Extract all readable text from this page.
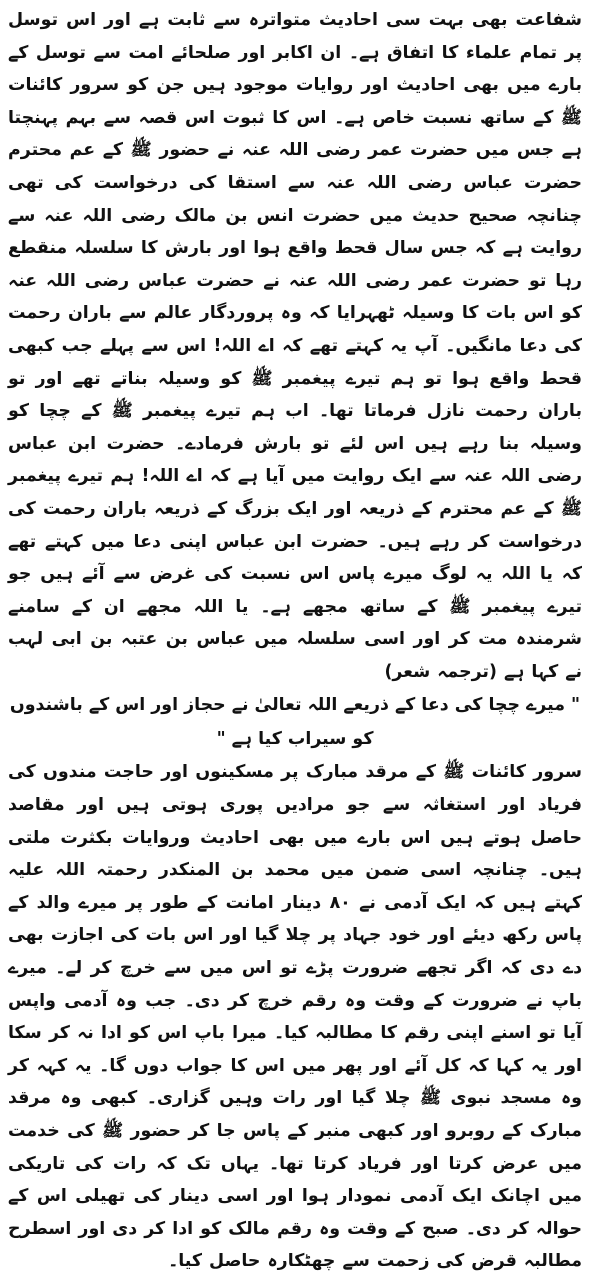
شفاعت بھی بہت سی احادیث متواترہ سے ثابت ہے اور اس توسل پر تمام علماء کا اتفاق ہے۔ ان اکابر اور صلحائے امت سے توسل کے بارے میں بھی احادیث اور روایات موجود ہیں جن کو سرور کائنات ﷺ کے ساتھ نسبت خاص ہے۔ اس کا ثبوت اس قصہ سے بہم پہنچتا ہے جس میں حضرت عمر رضی اللہ عنہ نے حضور ﷺ کے عم محترم حضرت عباس رضی اللہ عنہ سے استقا کی درخواست کی تھی چنانچہ صحیح حدیث میں حضرت انس بن مالک رضی اللہ عنہ سے روایت ہے کہ جس سال قحط واقع ہوا اور بارش کا سلسلہ منقطع رہا تو حضرت عمر رضی اللہ عنہ نے حضرت عباس رضی اللہ عنہ کو اس بات کا وسیلہ ٹھہرایا کہ وہ پروردگار عالم سے باران رحمت کی دعا مانگیں۔ آپ یہ کہتے تھے کہ اے اللہ! اس سے پہلے جب کبھی قحط واقع ہوا تو ہم تیرے پیغمبر ﷺ کو وسیلہ بناتے تھے اور تو باران رحمت نازل فرماتا تھا۔ اب ہم تیرے پیغمبر ﷺ کے چچا کو وسیلہ بنا رہے ہیں اس لئے تو بارش فرمادے۔ حضرت ابن عباس رضی اللہ عنہ سے ایک روایت میں آیا ہے کہ اے اللہ! ہم تیرے پیغمبر ﷺ کے عم محترم کے ذریعہ اور ایک بزرگ کے ذریعہ باران رحمت کی درخواست کر رہے ہیں۔ حضرت ابن عباس اپنی دعا میں کہتے تھے کہ یا اللہ یہ لوگ میرے پاس اس نسبت کی غرض سے آئے ہیں جو تیرے پیغمبر ﷺ کے ساتھ مجھے ہے۔ یا اللہ مجھے ان کے سامنے شرمندہ مت کر اور اسی سلسلہ میں عباس بن عتبہ بن ابی لہب نے کہا ہے (ترجمہ شعر)

" میرے چچا کی دعا کے ذریعے اللہ تعالیٰ نے حجاز اور اس کے باشندوں کو سیراب کیا ہے "

سرور کائنات ﷺ کے مرقد مبارک پر مسکینوں اور حاجت مندوں کی فریاد اور استغاثہ سے جو مرادیں پوری ہوتی ہیں اور مقاصد حاصل ہوتے ہیں اس بارے میں بھی احادیث وروایات بکثرت ملتی ہیں۔ چنانچہ اسی ضمن میں محمد بن المنکدر رحمتہ اللہ علیہ کہتے ہیں کہ ایک آدمی نے ۸۰ دینار امانت کے طور پر میرے والد کے پاس رکھ دیئے اور خود جہاد پر چلا گیا اور اس بات کی اجازت بھی دے دی کہ اگر تجھے ضرورت پڑے تو اس میں سے خرچ کر لے۔ میرے باپ نے ضرورت کے وقت وہ رقم خرچ کر دی۔ جب وہ آدمی واپس آیا تو اسنے اپنی رقم کا مطالبہ کیا۔ میرا باپ اس کو ادا نہ کر سکا اور یہ کہا کہ کل آئے اور پھر میں اس کا جواب دوں گا۔ یہ کہہ کر وہ مسجد نبوی ﷺ چلا گیا اور رات وہیں گزاری۔ کبھی وہ مرقد مبارک کے روبرو اور کبھی منبر کے پاس جا کر حضور ﷺ کی خدمت میں عرض کرتا اور فریاد کرتا تھا۔ یہاں تک کہ رات کی تاریکی میں اچانک ایک آدمی نمودار ہوا اور اسی دینار کی تھیلی اس کے حوالہ کر دی۔ صبح کے وقت وہ رقم مالک کو ادا کر دی اور اسطرح مطالبہ قرض کی زحمت سے چھٹکارہ حاصل کیا۔
